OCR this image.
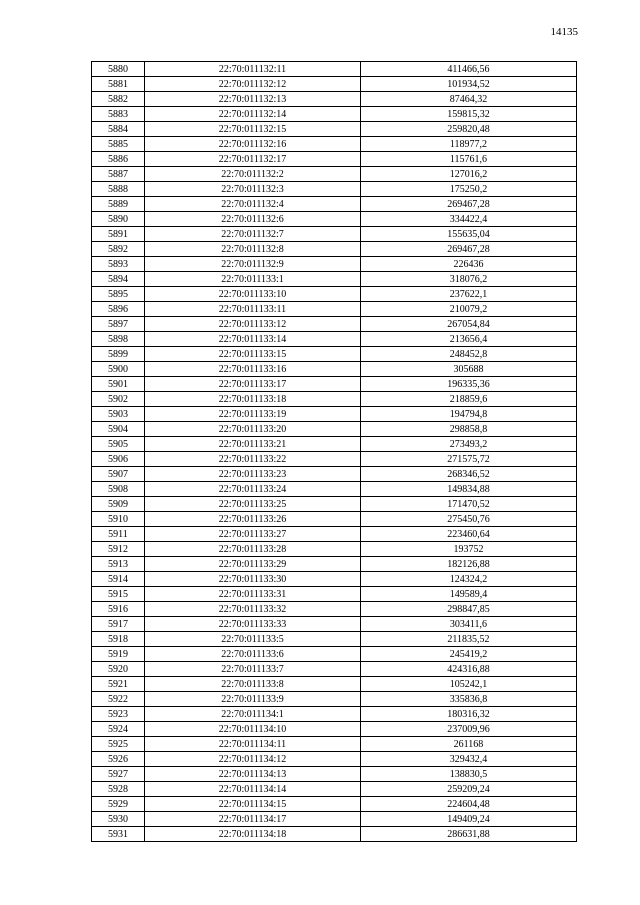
14135
5880	22:70:011132:11	411466,56
5881	22:70:011132:12	101934,52
5882	22:70:011132:13	87464,32
5883	22:70:011132:14	159815,32
5884	22:70:011132:15	259820,48
5885	22:70:011132:16	118977,2
5886	22:70:011132:17	115761,6
5887	22:70:011132:2	127016,2
5888	22:70:011132:3	175250,2
5889	22:70:011132:4	269467,28
5890	22:70:011132:6	334422,4
5891	22:70:011132:7	155635,04
5892	22:70:011132:8	269467,28
5893	22:70:011132:9	226436
5894	22:70:011133:1	318076,2
5895	22:70:011133:10	237622,1
5896	22:70:011133:11	210079,2
5897	22:70:011133:12	267054,84
5898	22:70:011133:14	213656,4
5899	22:70:011133:15	248452,8
5900	22:70:011133:16	305688
5901	22:70:011133:17	196335,36
5902	22:70:011133:18	218859,6
5903	22:70:011133:19	194794,8
5904	22:70:011133:20	298858,8
5905	22:70:011133:21	273493,2
5906	22:70:011133:22	271575,72
5907	22:70:011133:23	268346,52
5908	22:70:011133:24	149834,88
5909	22:70:011133:25	171470,52
5910	22:70:011133:26	275450,76
5911	22:70:011133:27	223460,64
5912	22:70:011133:28	193752
5913	22:70:011133:29	182126,88
5914	22:70:011133:30	124324,2
5915	22:70:011133:31	149589,4
5916	22:70:011133:32	298847,85
5917	22:70:011133:33	303411,6
5918	22:70:011133:5	211835,52
5919	22:70:011133:6	245419,2
5920	22:70:011133:7	424316,88
5921	22:70:011133:8	105242,1
5922	22:70:011133:9	335836,8
5923	22:70:011134:1	180316,32
5924	22:70:011134:10	237009,96
5925	22:70:011134:11	261168
5926	22:70:011134:12	329432,4
5927	22:70:011134:13	138830,5
5928	22:70:011134:14	259209,24
5929	22:70:011134:15	224604,48
5930	22:70:011134:17	149409,24
5931	22:70:011134:18	286631,88
